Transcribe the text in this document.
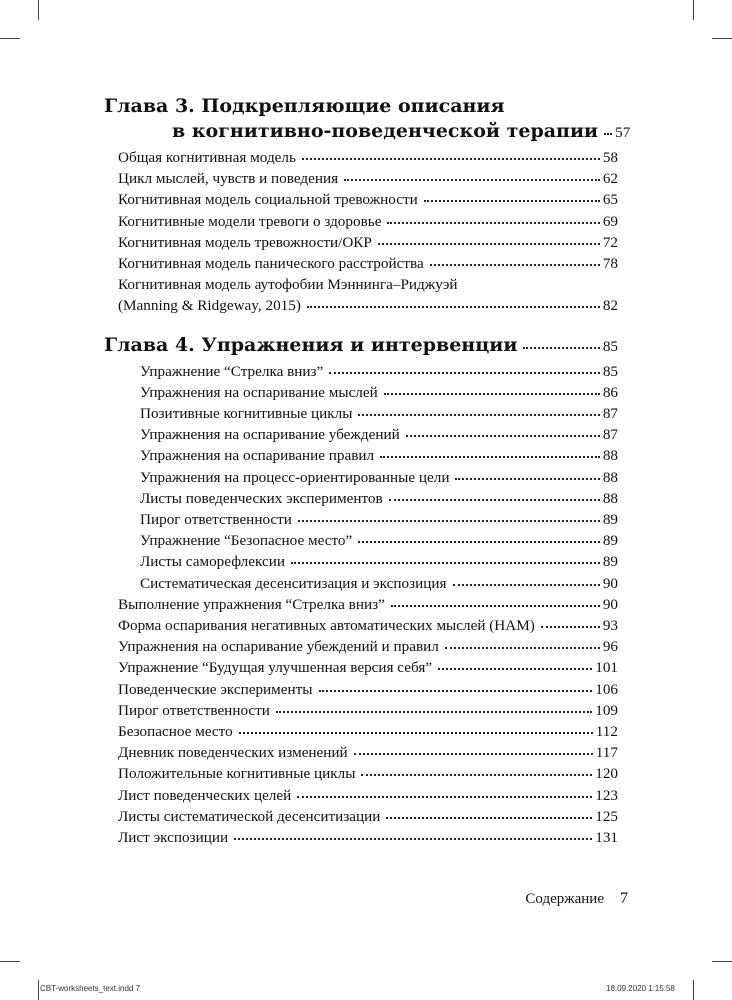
Глава 3. Подкрепляющие описания
в когнитивно-поведенческой терапии 57
Общая когнитивная модель	58
Цикл мыслей, чувств и поведения	62
Когнитивная модель социальной тревожности	65
Когнитивные модели тревоги о здоровье	69
Когнитивная модель тревожности/ОКР	72
Когнитивная модель панического расстройства	78
Когнитивная модель аутофобии Мэннинга–Риджуэй
(Manning & Ridgeway, 2015)	82
Глава 4. Упражнения и интервенции	85
Упражнение “Стрелка вниз”	85
Упражнения на оспаривание мыслей	86
Позитивные когнитивные циклы	87
Упражнения на оспаривание убеждений	87
Упражнения на оспаривание правил	88
Упражнения на процесс-ориентированные цели	88
Листы поведенческих экспериментов	88
Пирог ответственности	89
Упражнение “Безопасное место”	89
Листы саморефлексии	89
Систематическая десенситизация и экспозиция	90
Выполнение упражнения “Стрелка вниз”	90
Форма оспаривания негативных автоматических мыслей (НАМ)	93
Упражнения на оспаривание убеждений и правил	96
Упражнение “Будущая улучшенная версия себя”	101
Поведенческие эксперименты	106
Пирог ответственности	109
Безопасное место	112
Дневник поведенческих изменений	117
Положительные когнитивные циклы	120
Лист поведенческих целей	123
Листы систематической десенситизации	125
Лист экспозиции	131
Содержание 7
CBT-worksheets_text.indd 7	18.09.2020 1:15:58
